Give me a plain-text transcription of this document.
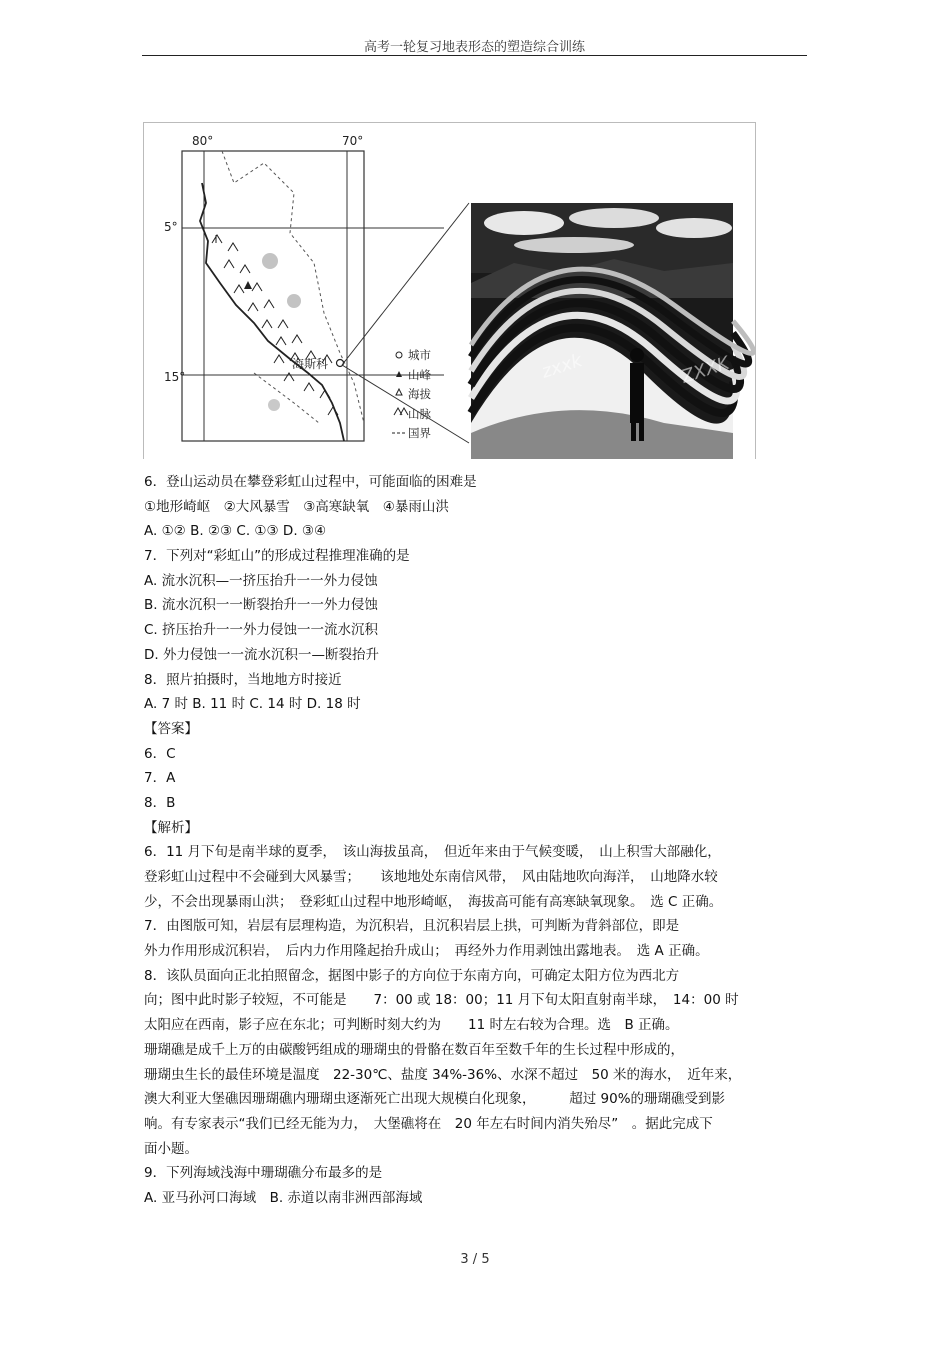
高考一轮复习地表形态的塑造综合训练
80°	70°
5°
15°
海斯科
城市
山峰
海拔
山脉
国界
zxxk	ZXXK
6．登山运动员在攀登彩虹山过程中，可能面临的困难是
①地形崎岖　②大风暴雪　③高寒缺氧　④暴雨山洪
A. ①② B. ②③ C. ①③ D. ③④
7．下列对“彩虹山”的形成过程推理准确的是
A. 流水沉积—一挤压抬升一一外力侵蚀
B. 流水沉积一一断裂抬升一一外力侵蚀
C. 挤压抬升一一外力侵蚀一一流水沉积
D. 外力侵蚀一一流水沉积一—断裂抬升
8．照片拍摄时，当地地方时接近
A. 7 时 B. 11 时 C. 14 时 D. 18 时
【答案】
6．C
7．A
8．B
【解析】
6．11 月下旬是南半球的夏季，　该山海拔虽高，　但近年来由于气候变暖，　山上积雪大部融化，
登彩虹山过程中不会碰到大风暴雪；　　该地地处东南信风带，　风由陆地吹向海洋，　山地降水较
少，不会出现暴雨山洪；　登彩虹山过程中地形崎岖，　海拔高可能有高寒缺氧现象。　选 C 正确。
7．由图版可知，岩层有层理构造，为沉积岩，且沉积岩层上拱，可判断为背斜部位，即是
外力作用形成沉积岩，　后内力作用隆起抬升成山；　再经外力作用剥蚀出露地表。　选 A 正确。
8．该队员面向正北拍照留念，据图中影子的方向位于东南方向，可确定太阳方位为西北方
向；图中此时影子较短，不可能是　　7：00 或 18：00；11 月下旬太阳直射南半球，　14：00 时
太阳应在西南，影子应在东北；可判断时刻大约为　　11 时左右较为合理。选　B 正确。
珊瑚礁是成千上万的由碳酸钙组成的珊瑚虫的骨骼在数百年至数千年的生长过程中形成的，
珊瑚虫生长的最佳环境是温度　22-30℃、盐度 34%-36%、水深不超过　50 米的海水，　近年来，
澳大利亚大堡礁因珊瑚礁内珊瑚虫逐渐死亡出现大规模白化现象，　　　超过 90%的珊瑚礁受到影
响。有专家表示“我们已经无能为力，　大堡礁将在　20 年左右时间内消失殆尽”　。据此完成下
面小题。
9．下列海域浅海中珊瑚礁分布最多的是
A. 亚马孙河口海域　B. 赤道以南非洲西部海域
3 / 5
